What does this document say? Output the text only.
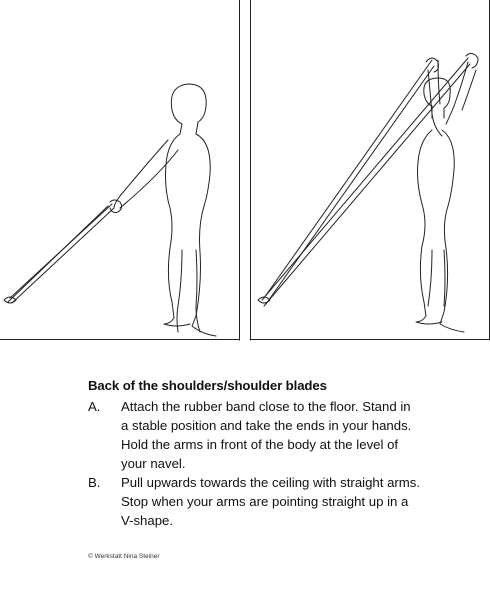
Back of the shoulders/shoulder blades
A. Attach the rubber band close to the floor. Stand in a stable position and take the ends in your hands. Hold the arms in front of the body at the level of your navel.
B. Pull upwards towards the ceiling with straight arms. Stop when your arms are pointing straight up in a V-shape.
© Werkstatt Nina Steiner
